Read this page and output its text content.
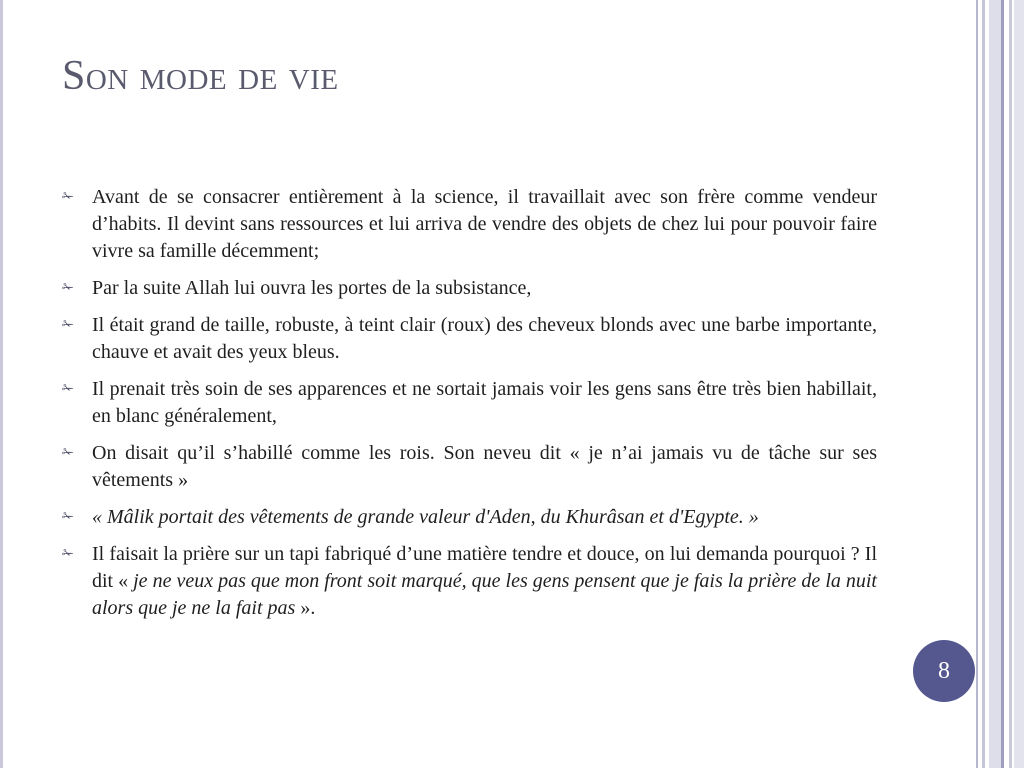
Son mode de vie
✁ Avant de se consacrer entièrement à la science, il travaillait avec son frère comme vendeur d’habits. Il devint sans ressources et lui arriva de vendre des objets de chez lui pour pouvoir faire vivre sa famille décemment;
✁ Par la suite Allah lui ouvra les portes de la subsistance,
✁ Il était grand de taille, robuste, à teint clair (roux) des cheveux blonds avec une barbe importante, chauve et avait des yeux bleus.
✁ Il prenait très soin de ses apparences et ne sortait jamais voir les gens sans être très bien habillait, en blanc généralement,
✁ On disait qu’il s’habillé comme les rois. Son neveu dit « je n’ai jamais vu de tâche sur ses vêtements »
✁ « Mâlik portait des vêtements de grande valeur d'Aden, du Khurâsan et d'Egypte. »
✁ Il faisait la prière sur un tapi fabriqué d’une matière tendre et douce, on lui demanda pourquoi ? Il dit « je ne veux pas que mon front soit marqué, que les gens pensent que je fais la prière de la nuit alors que je ne la fait pas ».
8
